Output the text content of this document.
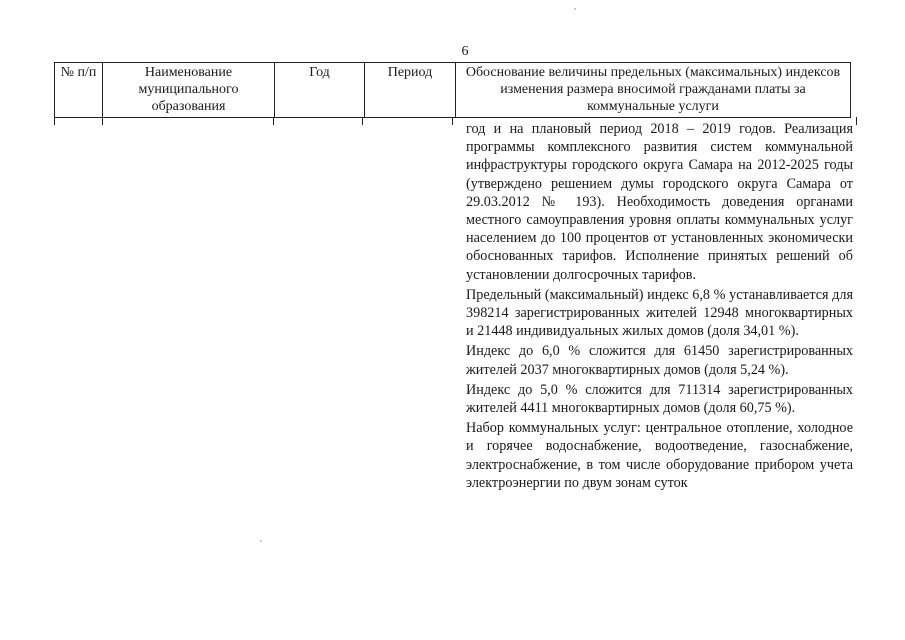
6
№ п/п	Наименование муниципального образования	Год	Период	Обоснование величины предельных (максимальных) индексов изменения размера вносимой гражданами платы за коммунальные услуги

год и на плановый период 2018 – 2019 годов. Реализация программы комплексного развития систем коммунальной инфраструктуры городского округа Самара на 2012-2025 годы (утверждено решением думы городского округа Самара от 29.03.2012 № 193). Необходимость доведения органами местного самоуправления уровня оплаты коммунальных услуг населением до 100 процентов от установленных экономически обоснованных тарифов. Исполнение принятых решений об установлении долгосрочных тарифов.

Предельный (максимальный) индекс 6,8 % устанавливается для 398214 зарегистрированных жителей 12948 многоквартирных и 21448 индивидуальных жилых домов (доля 34,01 %).

Индекс до 6,0 % сложится для 61450 зарегистрированных жителей 2037 многоквартирных домов (доля 5,24 %).

Индекс до 5,0 % сложится для 711314 зарегистрированных жителей 4411 многоквартирных домов (доля 60,75 %).

Набор коммунальных услуг: центральное отопление, холодное и горячее водоснабжение, водоотведение, газоснабжение, электроснабжение, в том числе оборудование прибором учета электроэнергии по двум зонам суток
